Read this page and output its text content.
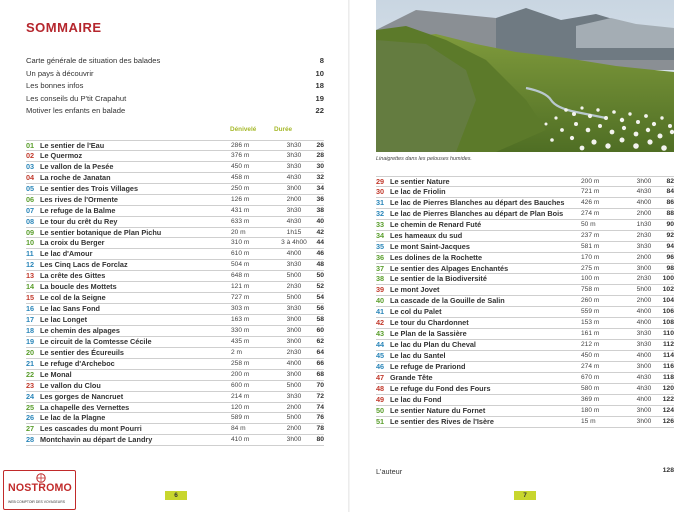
SOMMAIRE
Carte générale de situation des balades	8
Un pays à découvrir	10
Les bonnes infos	18
Les conseils du P'tit Crapahut	19
Motiver les enfants en balade	22
Dénivelé	Durée
01 Le sentier de l'Eau	286 m	3h30	26
02 Le Quermoz	376 m	3h30	28
03 Le vallon de la Pesée	450 m	3h30	30
04 La roche de Janatan	458 m	4h30	32
05 Le sentier des Trois Villages	250 m	3h00	34
06 Les rives de l'Ormente	126 m	2h00	36
07 Le refuge de la Balme	431 m	3h30	38
08 Le tour du crêt du Rey	633 m	4h30	40
09 Le sentier botanique de Plan Pichu	20 m	1h15	42
10 La croix du Berger	310 m	3 à 4h00	44
11 Le lac d'Amour	610 m	4h00	46
12 Les Cinq Lacs de Forclaz	504 m	3h30	48
13 La crête des Gittes	648 m	5h00	50
14 La boucle des Mottets	121 m	2h30	52
15 Le col de la Seigne	727 m	5h00	54
16 Le lac Sans Fond	303 m	3h30	56
17 Le lac Longet	163 m	3h00	58
18 Le chemin des alpages	330 m	3h00	60
19 Le circuit de la Comtesse Cécile	435 m	3h00	62
20 Le sentier des Écureuils	2 m	2h30	64
21 Le refuge d'Archeboc	258 m	4h00	66
22 Le Monal	200 m	3h00	68
23 Le vallon du Clou	600 m	5h00	70
24 Les gorges de Nancruet	214 m	3h30	72
25 La chapelle des Vernettes	120 m	2h00	74
26 Le lac de la Plagne	589 m	5h00	76
27 Les cascades du mont Pourri	84 m	2h00	78
28 Montchavin au départ de Landry	410 m	3h00	80
6
Linaigrettes dans les pelouses humides.
29 Le sentier Nature	200 m	3h00	82
30 Le lac de Friolin	721 m	4h30	84
31 Le lac de Pierres Blanches au départ des Bauches	426 m	4h00	86
32 Le lac de Pierres Blanches au départ de Plan Bois	274 m	2h00	88
33 Le chemin de Renard Futé	50 m	1h30	90
34 Les hameaux du sud	237 m	2h30	92
35 Le mont Saint-Jacques	581 m	3h30	94
36 Les dolines de la Rochette	170 m	2h00	96
37 Le sentier des Alpages Enchantés	275 m	3h00	98
38 Le sentier de la Biodiversité	100 m	2h30	100
39 Le mont Jovet	758 m	5h00	102
40 La cascade de la Gouille de Salin	260 m	2h00	104
41 Le col du Palet	559 m	4h00	106
42 Le tour du Chardonnet	153 m	4h00	108
43 Le Plan de la Sassière	161 m	3h30	110
44 Le lac du Plan du Cheval	212 m	3h30	112
45 Le lac du Santel	450 m	4h00	114
46 Le refuge de Prariond	274 m	3h00	116
47 Grande Tête	670 m	4h30	118
48 Le refuge du Fond des Fours	580 m	4h30	120
49 Le lac du Fond	369 m	4h00	122
50 Le sentier Nature du Fornet	180 m	3h00	124
51 Le sentier des Rives de l'Isère	15 m	3h00	126
L'auteur	128
7
NOSTROMO
WEB COMPTOIR DES VOYAGEURS
